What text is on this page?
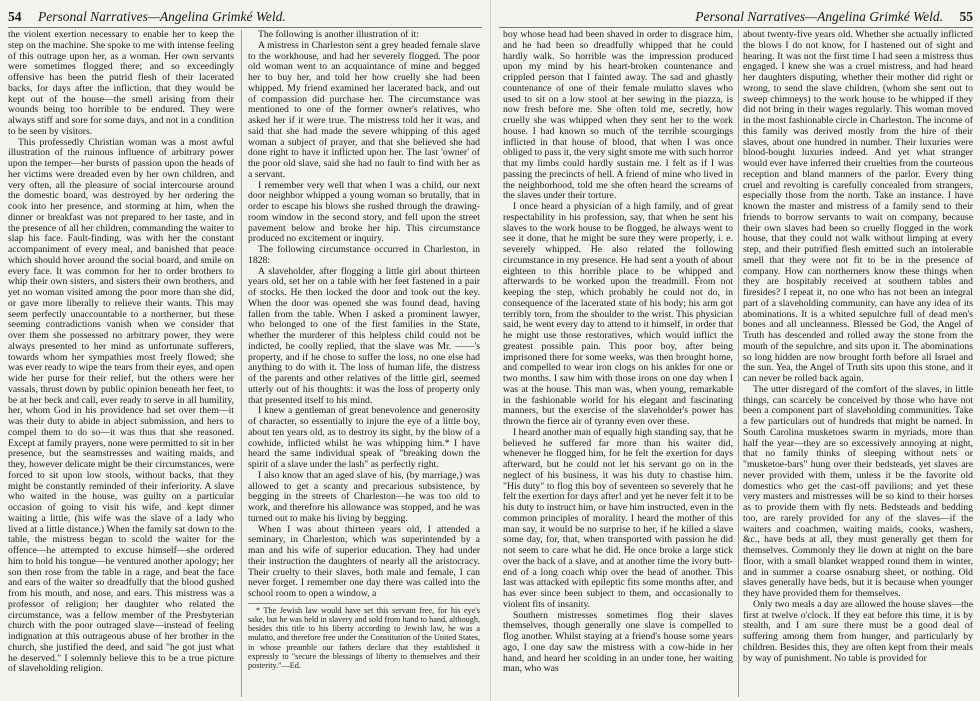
54 Personal Narratives—Angelina Grimké Weld.

the violent exertion necessary to enable her to keep the step on the machine. She spoke to me with intense feeling of this outrage upon her, as a woman. Her own servants were sometimes flogged there; and so exceedingly offensive has been the putrid flesh of their lacerated backs, for days after the infliction, that they would be kept out of the house—the smell arising from their wounds being too horrible to be endured. They were always stiff and sore for some days, and not in a condition to be seen by visitors.

This professedly Christian woman was a most awful illustration of the ruinous influence of arbitrary power upon the temper—her bursts of passion upon the heads of her victims were dreaded even by her own children, and very often, all the pleasure of social intercourse around the domestic board, was destroyed by her ordering the cook into her presence, and storming at him, when the dinner or breakfast was not prepared to her taste, and in the presence of all her children, commanding the waiter to slap his face. Fault-finding, was with her the constant accompaniment of every meal, and banished that peace which should hover around the social board, and smile on every face. It was common for her to order brothers to whip their own sisters, and sisters their own brothers, and yet no woman visited among the poor more than she did, or gave more liberally to relieve their wants. This may seem perfectly unaccountable to a northerner, but these seeming contradictions vanish when we consider that over them she possessed no arbitrary power, they were always presented to her mind as unfortunate sufferers, towards whom her sympathies most freely flowed; she was ever ready to wipe the tears from their eyes, and open wide her purse for their relief, but the others were her vassals, thrust down by public opinion beneath her feet, to be at her beck and call, ever ready to serve in all humility, her, whom God in his providence had set over them—it was their duty to abide in abject submission, and hers to compel them to do so—it was thus that she reasoned. Except at family prayers, none were permitted to sit in her presence, but the seamstresses and waiting maids, and they, however delicate might be their circumstances, were forced to sit upon low stools, without backs, that they might be constantly reminded of their inferiority. A slave who waited in the house, was guilty on a particular occasion of going to visit his wife, and kept dinner waiting a little, (his wife was the slave of a lady who lived at a little distance.) When the family sat down to the table, the mistress began to scold the waiter for the offence—he attempted to excuse himself—she ordered him to hold his tongue—he ventured another apology; her son then rose from the table in a rage, and beat the face and ears of the waiter so dreadfully that the blood gushed from his mouth, and nose, and ears. This mistress was a professor of religion; her daughter who related the circumstance, was a fellow member of the Presbyterian church with the poor outraged slave—instead of feeling indignation at this outrageous abuse of her brother in the church, she justified the deed, and said "he got just what he deserved." I solemnly believe this to be a true picture of slaveholding religion.

The following is another illustration of it:

A mistress in Charleston sent a grey headed female slave to the workhouse, and had her severely flogged. The poor old woman went to an acquaintance of mine and begged her to buy her, and told her how cruelly she had been whipped. My friend examined her lacerated back, and out of compassion did purchase her. The circumstance was mentioned to one of the former owner's relatives, who asked her if it were true. The mistress told her it was, and said that she had made the severe whipping of this aged woman a subject of prayer, and that she believed she had done right to have it inflicted upon her. The last 'owner' of the poor old slave, said she had no fault to find with her as a servant.

I remember very well that when I was a child, our next door neighbor whipped a young woman so brutally, that in order to escape his blows she rushed through the drawing-room window in the second story, and fell upon the street pavement below and broke her hip. This circumstance produced no excitement or inquiry.

The following circumstance occurred in Charleston, in 1828:

A slaveholder, after flogging a little girl about thirteen years old, set her on a table with her feet fastened in a pair of stocks. He then locked the door and took out the key. When the door was opened she was found dead, having fallen from the table. When I asked a prominent lawyer, who belonged to one of the first families in the State, whether the murderer of this helpless child could not be indicted, he coolly replied, that the slave was Mr. ——'s property, and if he chose to suffer the loss, no one else had anything to do with it. The loss of human life, the distress of the parents and other relatives of the little girl, seemed utterly out of his thoughts: it was the loss of property only that presented itself to his mind.

I knew a gentleman of great benevolence and generosity of character, so essentially to injure the eye of a little boy, about ten years old, as to destroy its sight, by the blow of a cowhide, inflicted whilst he was whipping him.* I have heard the same individual speak of "breaking down the spirit of a slave under the lash" as perfectly right.

I also know that an aged slave of his, (by marriage,) was allowed to get a scanty and precarious subsistence, by begging in the streets of Charleston—he was too old to work, and therefore his allowance was stopped, and he was turned out to make his living by begging.

When I was about thirteen years old, I attended a seminary, in Charleston, which was superintended by a man and his wife of superior education. They had under their instruction the daughters of nearly all the aristocracy. Their cruelty to their slaves, both male and female, I can never forget. I remember one day there was called into the school room to open a window, a

* The Jewish law would have set this servant free, for his eye's sake, but he was held in slavery and sold from hand to hand, although, besides this title to his liberty according to Jewish law, he was a mulatto, and therefore free under the Constitution of the United States, in whose preamble our fathers declare that they established it expressly to "secure the blessings of liberty to themselves and their posterity."—Ed.
Personal Narratives—Angelina Grimké Weld. 55

boy whose head had been shaved in order to disgrace him, and he had been so dreadfully whipped that he could hardly walk. So horrible was the impression produced upon my mind by his heart-broken countenance and crippled person that I fainted away. The sad and ghastly countenance of one of their female mulatto slaves who used to sit on a low stool at her sewing in the piazza, is now fresh before me. She often told me, secretly, how cruelly she was whipped when they sent her to the work house. I had known so much of the terrible scourgings inflicted in that house of blood, that when I was once obliged to pass it, the very sight smote me with such horror that my limbs could hardly sustain me. I felt as if I was passing the precincts of hell. A friend of mine who lived in the neighborhood, told me she often heard the screams of the slaves under their torture.

I once heard a physician of a high family, and of great respectability in his profession, say, that when he sent his slaves to the work house to be flogged, he always went to see it done, that he might be sure they were properly, i. e. severely whipped. He also related the following circumstance in my presence. He had sent a youth of about eighteen to this horrible place to be whipped and afterwards to be worked upon the treadmill. From not keeping the step, which probably he could not do, in consequence of the lacerated state of his body; his arm got terribly torn, from the shoulder to the wrist. This physician said, he went every day to attend to it himself, in order that he might use those restoratives, which would inflict the greatest possible pain. This poor boy, after being imprisoned there for some weeks, was then brought home, and compelled to wear iron clogs on his ankles for one or two months. I saw him with those irons on one day when I was at the house. This man was, when young, remarkable in the fashionable world for his elegant and fascinating manners, but the exercise of the slaveholder's power has thrown the fierce air of tyranny even over these.

I heard another man of equally high standing say, that he believed he suffered far more than his waiter did, whenever he flogged him, for he felt the exertion for days afterward, but he could not let his servant go on in the neglect of his business, it was his duty to chastise him. "His duty" to flog this boy of seventeen so severely that he felt the exertion for days after! and yet he never felt it to be his duty to instruct him, or have him instructed, even in the common principles of morality. I heard the mother of this man say, it would be no surprise to her, if he killed a slave some day, for, that, when transported with passion he did not seem to care what he did. He once broke a large stick over the back of a slave, and at another time the ivory butt-end of a long coach whip over the head of another. This last was attacked with epileptic fits some months after, and has ever since been subject to them, and occasionally to violent fits of insanity.

Southern mistresses sometimes flog their slaves themselves, though generally one slave is compelled to flog another. Whilst staying at a friend's house some years ago, I one day saw the mistress with a cow-hide in her hand, and heard her scolding in an under tone, her waiting man, who was

about twenty-five years old. Whether she actually inflicted the blows I do not know, for I hastened out of sight and hearing. It was not the first time I had seen a mistress thus engaged. I knew she was a cruel mistress, and had heard her daughters disputing, whether their mother did right or wrong, to send the slave children, (whom she sent out to sweep chimneys) to the work house to be whipped if they did not bring in their wages regularly. This woman moved in the most fashionable circle in Charleston. The income of this family was derived mostly from the hire of their slaves, about one hundred in number. Their luxuries were blood-bought luxuries indeed. And yet what stranger would ever have inferred their cruelties from the courteous reception and bland manners of the parlor. Every thing cruel and revolting is carefully concealed from strangers, especially those from the north. Take an instance. I have known the master and mistress of a family send to their friends to borrow servants to wait on company, because their own slaves had been so cruelly flogged in the work house, that they could not walk without limping at every step, and their putrified flesh emitted such an intolerable smell that they were not fit to be in the presence of company. How can northerners know these things when they are hospitably received at southern tables and firesides? I repeat it, no one who has not been an integral part of a slaveholding community, can have any idea of its abominations. It is a whited sepulchre full of dead men's bones and all uncleanness. Blessed be God, the Angel of Truth has descended and rolled away the stone from the mouth of the sepulchre, and sits upon it. The abominations so long hidden are now brought forth before all Israel and the sun. Yea, the Angel of Truth sits upon this stone, and it can never be rolled back again.

The utter disregard of the comfort of the slaves, in little things, can scarcely be conceived by those who have not been a component part of slaveholding communities. Take a few particulars out of hundreds that might be named. In South Carolina musketoes swarm in myriads, more than half the year—they are so excessively annoying at night, that no family thinks of sleeping without nets or "musketoe-bars" hung over their bedsteads, yet slaves are never provided with them, unless it be the favorite old domestics who get the cast-off pavilions; and yet these very masters and mistresses will be so kind to their horses as to provide them with fly nets. Bedsteads and bedding too, are rarely provided for any of the slaves—if the waiters and coachmen, waiting maids, cooks, washers, &c., have beds at all, they must generally get them for themselves. Commonly they lie down at night on the bare floor, with a small blanket wrapped round them in winter, and in summer a coarse osnaburg sheet, or nothing. Old slaves generally have beds, but it is because when younger they have provided them for themselves.

Only two meals a day are allowed the house slaves—the first at twelve o'clock. If they eat before this time, it is by stealth, and I am sure there must be a good deal of suffering among them from hunger, and particularly by children. Besides this, they are often kept from their meals by way of punishment. No table is provided for
